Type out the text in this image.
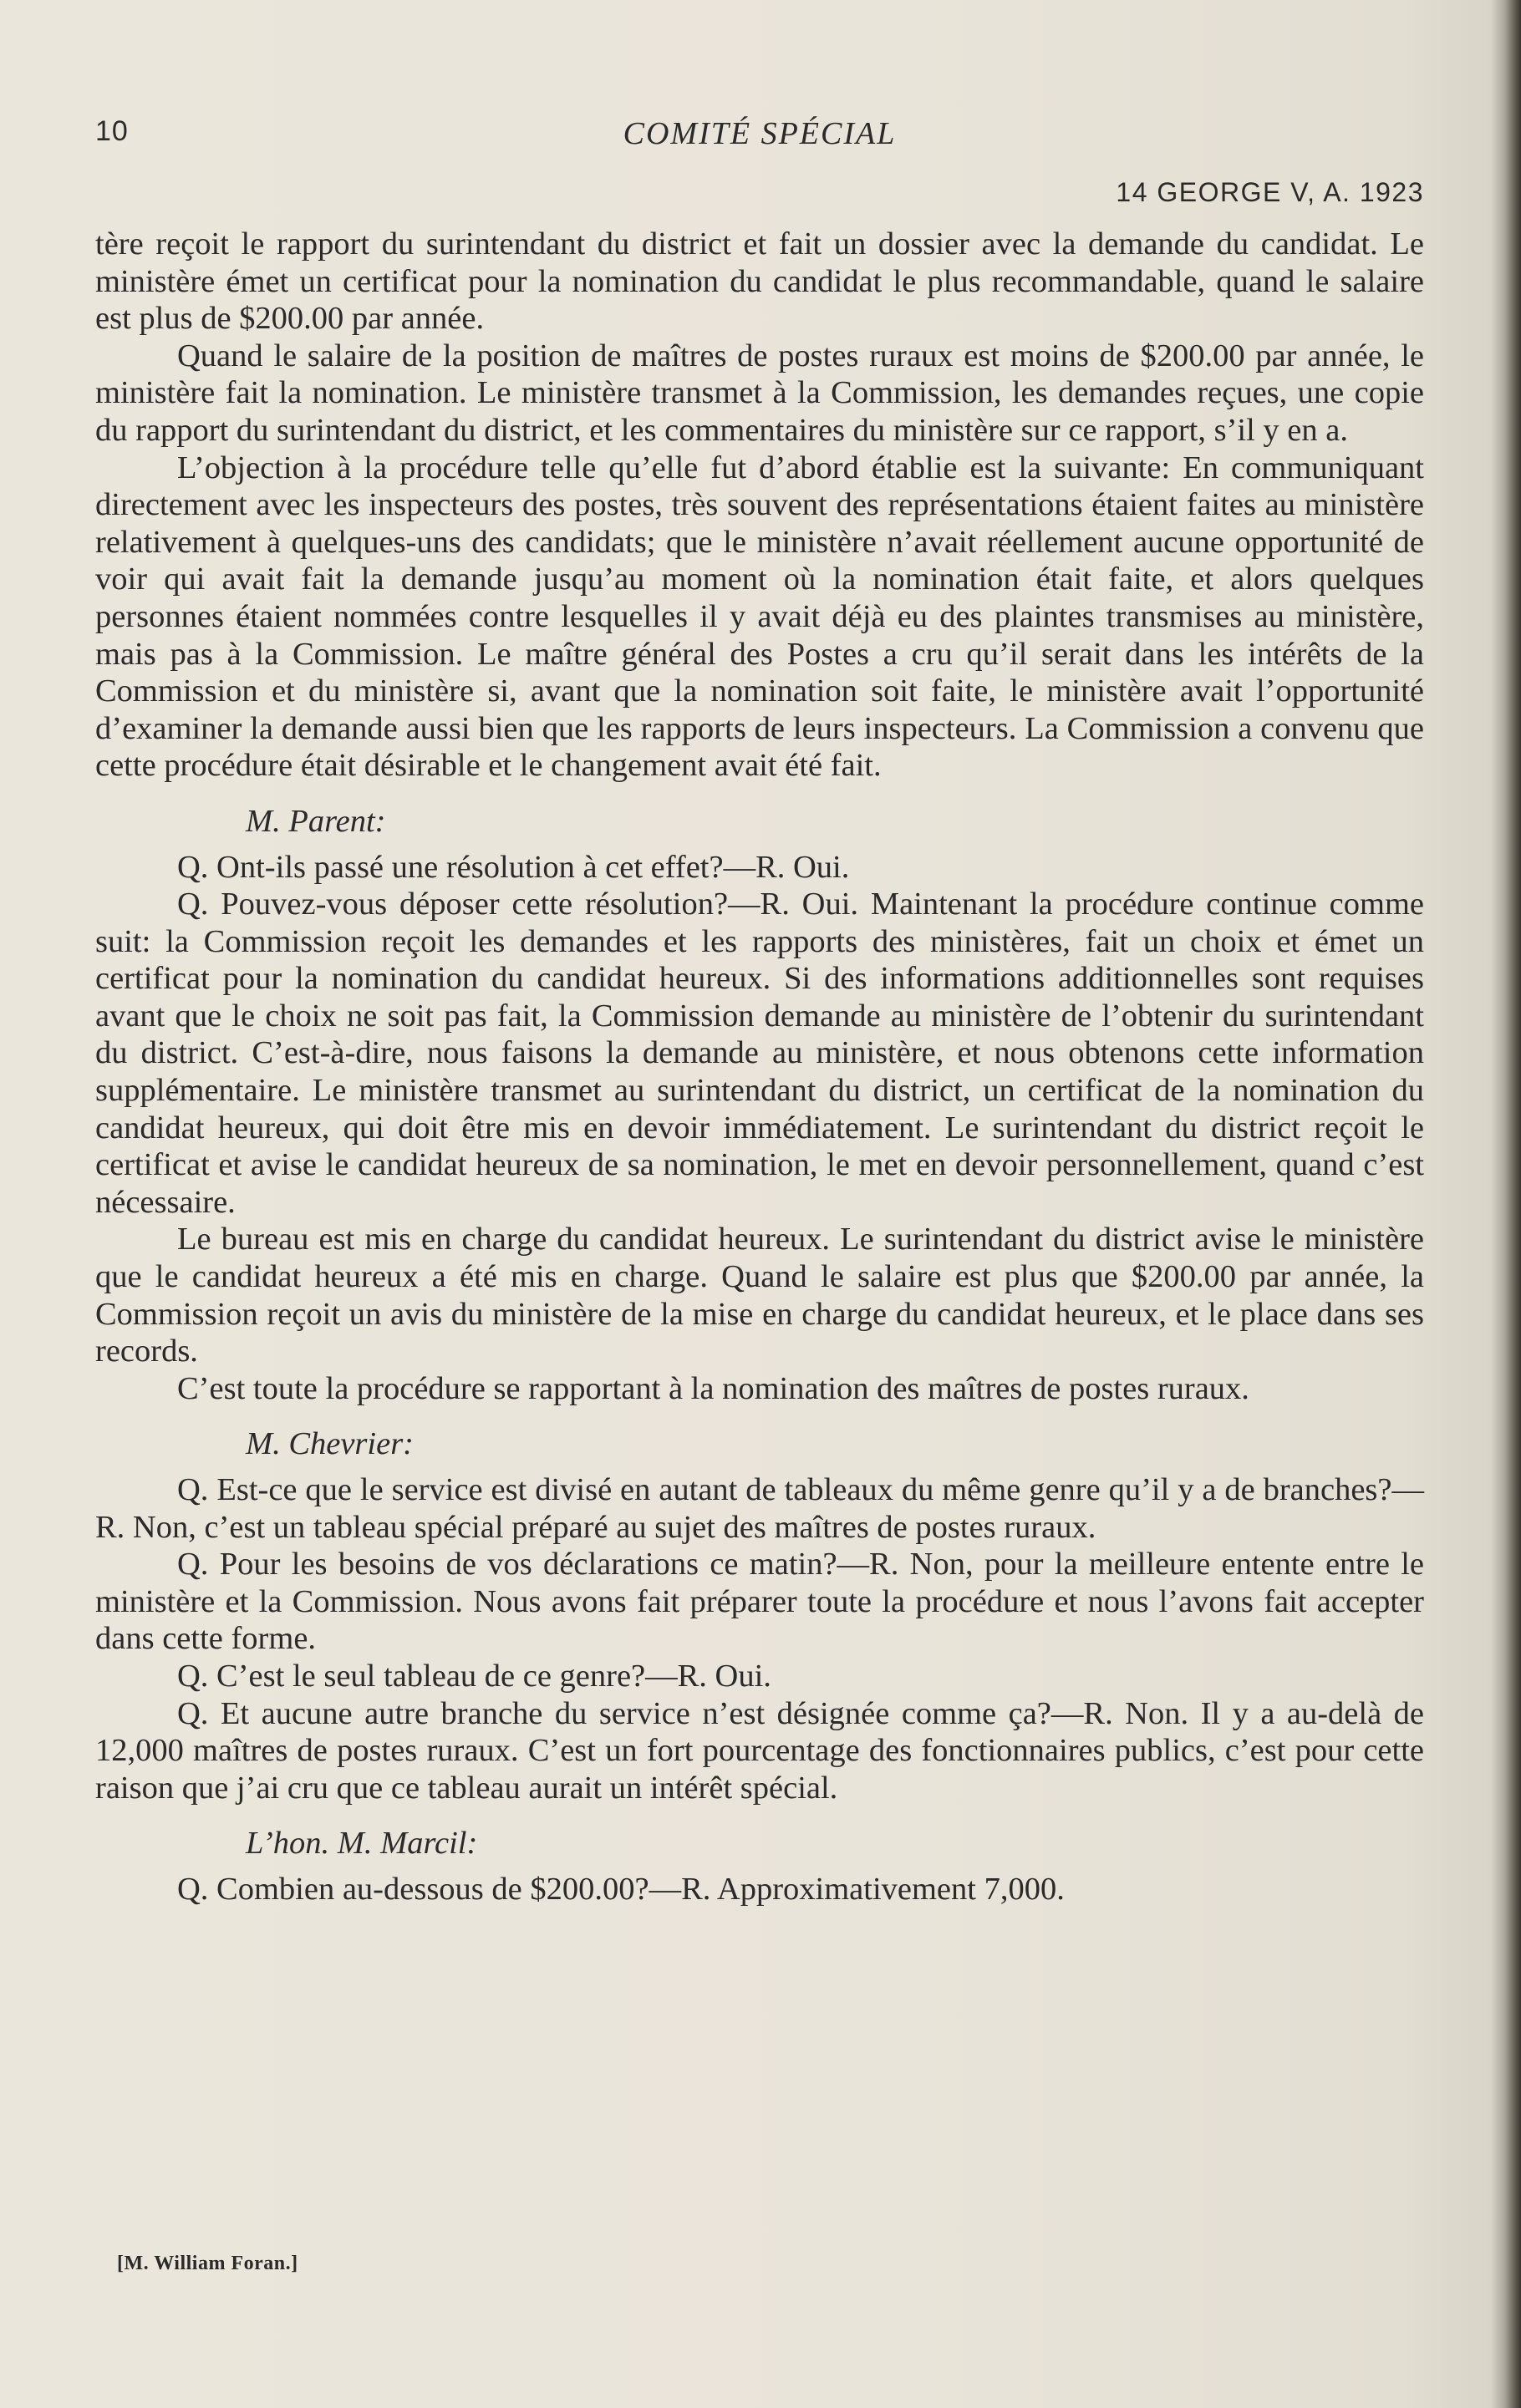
10	COMITÉ SPÉCIAL
14 GEORGE V, A. 1923

tère reçoit le rapport du surintendant du district et fait un dossier avec la demande du candidat. Le ministère émet un certificat pour la nomination du candidat le plus recommandable, quand le salaire est plus de $200.00 par année.

Quand le salaire de la position de maîtres de postes ruraux est moins de $200.00 par année, le ministère fait la nomination. Le ministère transmet à la Commission, les demandes reçues, une copie du rapport du surintendant du district, et les commentaires du ministère sur ce rapport, s’il y en a.

L’objection à la procédure telle qu’elle fut d’abord établie est la suivante: En communiquant directement avec les inspecteurs des postes, très souvent des représentations étaient faites au ministère relativement à quelques-uns des candidats; que le ministère n’avait réellement aucune opportunité de voir qui avait fait la demande jusqu’au moment où la nomination était faite, et alors quelques personnes étaient nommées contre lesquelles il y avait déjà eu des plaintes transmises au ministère, mais pas à la Commission. Le maître général des Postes a cru qu’il serait dans les intérêts de la Commission et du ministère si, avant que la nomination soit faite, le ministère avait l’opportunité d’examiner la demande aussi bien que les rapports de leurs inspecteurs. La Commission a convenu que cette procédure était désirable et le changement avait été fait.

M. Parent:

Q. Ont-ils passé une résolution à cet effet?—R. Oui.

Q. Pouvez-vous déposer cette résolution?—R. Oui. Maintenant la procédure continue comme suit: la Commission reçoit les demandes et les rapports des ministères, fait un choix et émet un certificat pour la nomination du candidat heureux. Si des informations additionnelles sont requises avant que le choix ne soit pas fait, la Commission demande au ministère de l’obtenir du surintendant du district. C’est-à-dire, nous faisons la demande au ministère, et nous obtenons cette information supplémentaire. Le ministère transmet au surintendant du district, un certificat de la nomination du candidat heureux, qui doit être mis en devoir immédiatement. Le surintendant du district reçoit le certificat et avise le candidat heureux de sa nomination, le met en devoir personnellement, quand c’est nécessaire.

Le bureau est mis en charge du candidat heureux. Le surintendant du district avise le ministère que le candidat heureux a été mis en charge. Quand le salaire est plus que $200.00 par année, la Commission reçoit un avis du ministère de la mise en charge du candidat heureux, et le place dans ses records.

C’est toute la procédure se rapportant à la nomination des maîtres de postes ruraux.

M. Chevrier:

Q. Est-ce que le service est divisé en autant de tableaux du même genre qu’il y a de branches?—R. Non, c’est un tableau spécial préparé au sujet des maîtres de postes ruraux.

Q. Pour les besoins de vos déclarations ce matin?—R. Non, pour la meilleure entente entre le ministère et la Commission. Nous avons fait préparer toute la procédure et nous l’avons fait accepter dans cette forme.

Q. C’est le seul tableau de ce genre?—R. Oui.

Q. Et aucune autre branche du service n’est désignée comme ça?—R. Non. Il y a au-delà de 12,000 maîtres de postes ruraux. C’est un fort pourcentage des fonctionnaires publics, c’est pour cette raison que j’ai cru que ce tableau aurait un intérêt spécial.

L’hon. M. Marcil:

Q. Combien au-dessous de $200.00?—R. Approximativement 7,000.

[M. William Foran.]
